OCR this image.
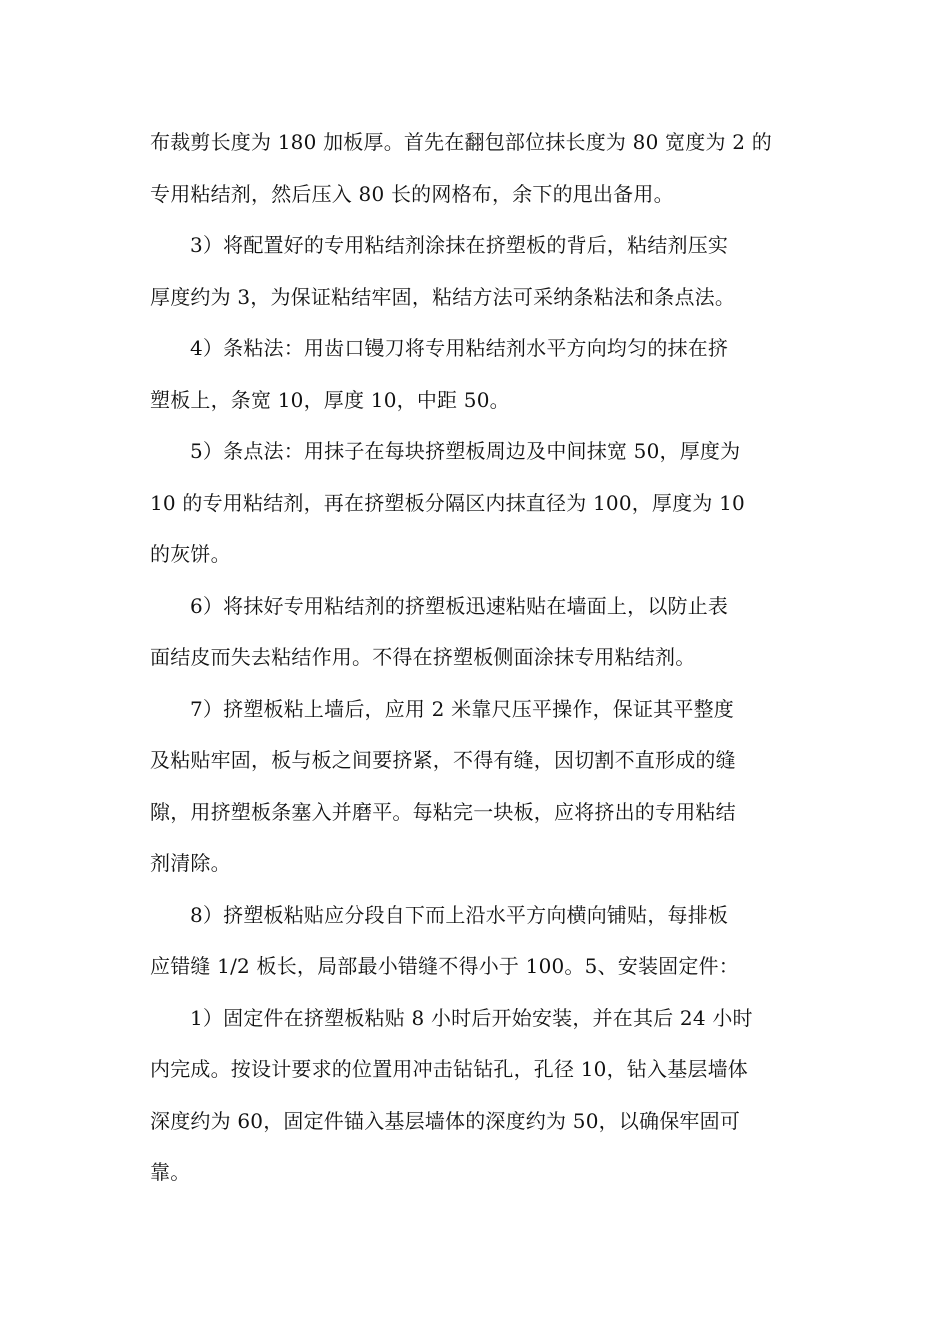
布裁剪长度为 180 加板厚。首先在翻包部位抹长度为 80 宽度为 2 的
专用粘结剂，然后压入 80 长的网格布，余下的甩出备用。

3）将配置好的专用粘结剂涂抹在挤塑板的背后，粘结剂压实
厚度约为 3，为保证粘结牢固，粘结方法可采纳条粘法和条点法。

4）条粘法：用齿口镘刀将专用粘结剂水平方向均匀的抹在挤
塑板上，条宽 10，厚度 10，中距 50。

5）条点法：用抹子在每块挤塑板周边及中间抹宽 50，厚度为
10 的专用粘结剂，再在挤塑板分隔区内抹直径为 100，厚度为 10
的灰饼。

6）将抹好专用粘结剂的挤塑板迅速粘贴在墙面上，以防止表
面结皮而失去粘结作用。不得在挤塑板侧面涂抹专用粘结剂。

7）挤塑板粘上墙后，应用 2 米靠尺压平操作，保证其平整度
及粘贴牢固，板与板之间要挤紧，不得有缝，因切割不直形成的缝
隙，用挤塑板条塞入并磨平。每粘完一块板，应将挤出的专用粘结
剂清除。

8）挤塑板粘贴应分段自下而上沿水平方向横向铺贴，每排板
应错缝 1/2 板长，局部最小错缝不得小于 100。5、安装固定件：

1）固定件在挤塑板粘贴 8 小时后开始安装，并在其后 24 小时
内完成。按设计要求的位置用冲击钻钻孔，孔径 10，钻入基层墙体
深度约为 60，固定件锚入基层墙体的深度约为 50，以确保牢固可
靠。
